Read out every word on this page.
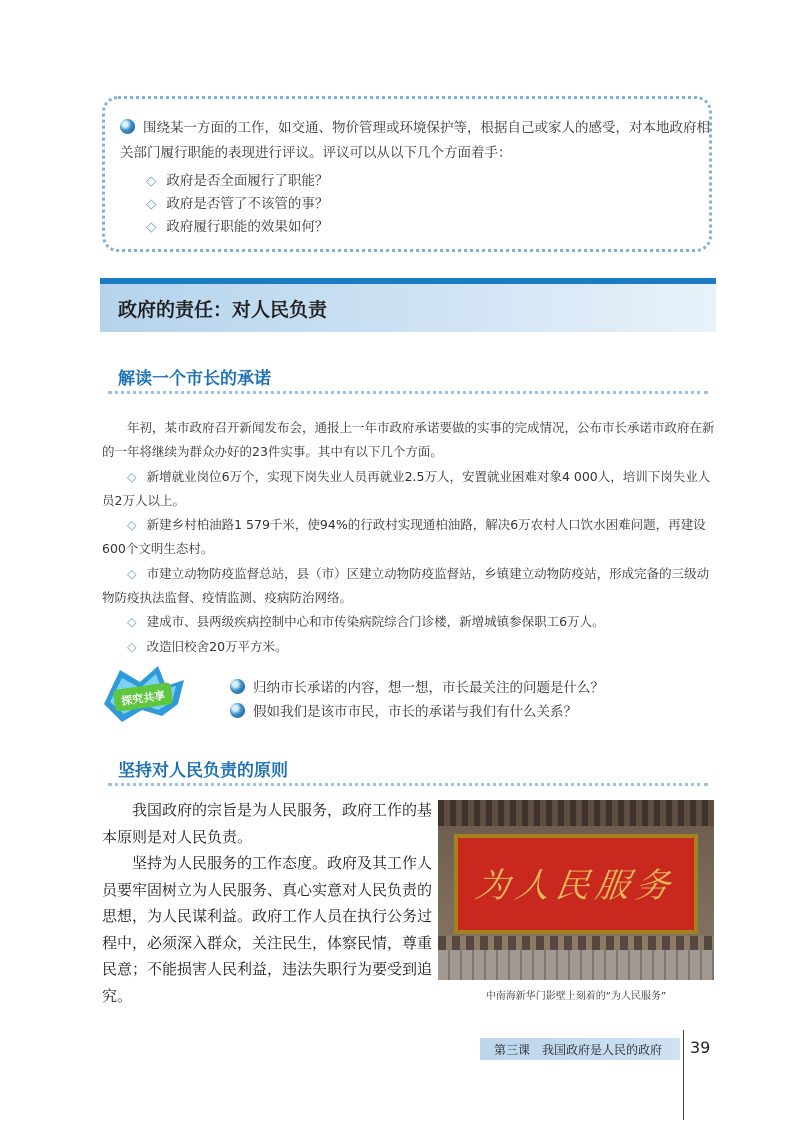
围绕某一方面的工作，如交通、物价管理或环境保护等，根据自己或家人的感受，对本地政府相关部门履行职能的表现进行评议。评议可以从以下几个方面着手：
◇ 政府是否全面履行了职能？
◇ 政府是否管了不该管的事？
◇ 政府履行职能的效果如何？
政府的责任：对人民负责
解读一个市长的承诺

年初，某市政府召开新闻发布会，通报上一年市政府承诺要做的实事的完成情况，公布市长承诺市政府在新的一年将继续为群众办好的23件实事。其中有以下几个方面。

◇ 新增就业岗位6万个，实现下岗失业人员再就业2.5万人，安置就业困难对象4 000人，培训下岗失业人员2万人以上。

◇ 新建乡村柏油路1 579千米，使94%的行政村实现通柏油路，解决6万农村人口饮水困难问题，再建设600个文明生态村。

◇ 市建立动物防疫监督总站，县（市）区建立动物防疫监督站，乡镇建立动物防疫站，形成完备的三级动物防疫执法监督、疫情监测、疫病防治网络。

◇ 建成市、县两级疾病控制中心和市传染病院综合门诊楼，新增城镇参保职工6万人。

◇ 改造旧校舍20万平方米。

探究共享
归纳市长承诺的内容，想一想，市长最关注的问题是什么？
假如我们是该市市民，市长的承诺与我们有什么关系？
坚持对人民负责的原则

我国政府的宗旨是为人民服务，政府工作的基本原则是对人民负责。

坚持为人民服务的工作态度。政府及其工作人员要牢固树立为人民服务、真心实意对人民负责的思想，为人民谋利益。政府工作人员在执行公务过程中，必须深入群众，关注民生，体察民情，尊重民意；不能损害人民利益，违法失职行为要受到追究。

为人民服务
中南海新华门影壁上刻着的“为人民服务”
第三课　我国政府是人民的政府 39
